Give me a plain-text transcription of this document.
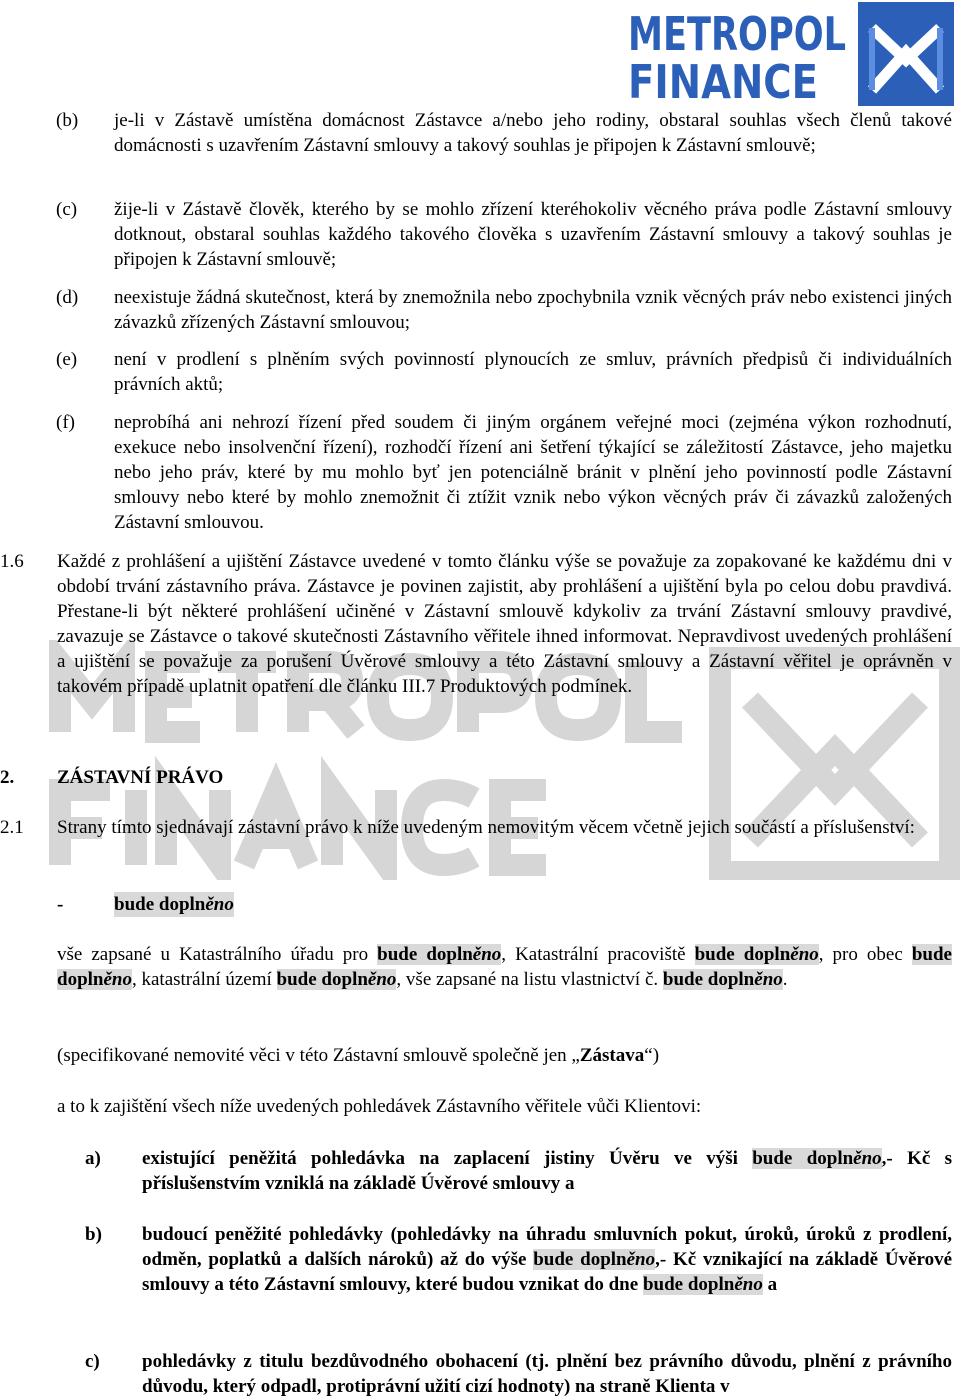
METROPOL
FINANCE
(b)	je-li v Zástavě umístěna domácnost Zástavce a/nebo jeho rodiny, obstaral souhlas všech členů takové domácnosti s uzavřením Zástavní smlouvy a takový souhlas je připojen k Zástavní smlouvě;
(c)	žije-li v Zástavě člověk, kterého by se mohlo zřízení kteréhokoliv věcného práva podle Zástavní smlouvy dotknout, obstaral souhlas každého takového člověka s uzavřením Zástavní smlouvy a takový souhlas je připojen k Zástavní smlouvě;
(d)	neexistuje žádná skutečnost, která by znemožnila nebo zpochybnila vznik věcných práv nebo existenci jiných závazků zřízených Zástavní smlouvou;
(e)	není v prodlení s plněním svých povinností plynoucích ze smluv, právních předpisů či individuálních právních aktů;
(f)	neprobíhá ani nehrozí řízení před soudem či jiným orgánem veřejné moci (zejména výkon rozhodnutí, exekuce nebo insolvenční řízení), rozhodčí řízení ani šetření týkající se záležitostí Zástavce, jeho majetku nebo jeho práv, které by mu mohlo byť jen potenciálně bránit v plnění jeho povinností podle Zástavní smlouvy nebo které by mohlo znemožnit či ztížit vznik nebo výkon věcných práv či závazků založených Zástavní smlouvou.
1.6	Každé z prohlášení a ujištění Zástavce uvedené v tomto článku výše se považuje za zopakované ke každému dni v období trvání zástavního práva. Zástavce je povinen zajistit, aby prohlášení a ujištění byla po celou dobu pravdivá. Přestane-li být některé prohlášení učiněné v Zástavní smlouvě kdykoliv za trvání Zástavní smlouvy pravdivé, zavazuje se Zástavce o takové skutečnosti Zástavního věřitele ihned informovat. Nepravdivost uvedených prohlášení a ujištění se považuje za porušení Úvěrové smlouvy a této Zástavní smlouvy a Zástavní věřitel je oprávněn v takovém případě uplatnit opatření dle článku III.7 Produktových podmínek.
2.	ZÁSTAVNÍ PRÁVO
2.1	Strany tímto sjednávají zástavní právo k níže uvedeným nemovitým věcem včetně jejich součástí a příslušenství:
-	bude doplněno
vše zapsané u Katastrálního úřadu pro bude doplněno, Katastrální pracoviště bude doplněno, pro obec bude doplněno, katastrální území bude doplněno, vše zapsané na listu vlastnictví č. bude doplněno.
(specifikované nemovité věci v této Zástavní smlouvě společně jen „Zástava“)
a to k zajištění všech níže uvedených pohledávek Zástavního věřitele vůči Klientovi:
a)	existující peněžitá pohledávka na zaplacení jistiny Úvěru ve výši bude doplněno,- Kč s příslušenstvím vzniklá na základě Úvěrové smlouvy a
b)	budoucí peněžité pohledávky (pohledávky na úhradu smluvních pokut, úroků, úroků z prodlení, odměn, poplatků a dalších nároků) až do výše bude doplněno,- Kč vznikající na základě Úvěrové smlouvy a této Zástavní smlouvy, které budou vznikat do dne bude doplněno a
c)	pohledávky z titulu bezdůvodného obohacení (tj. plnění bez právního důvodu, plnění z právního důvodu, který odpadl, protiprávní užití cizí hodnoty) na straně Klienta v
